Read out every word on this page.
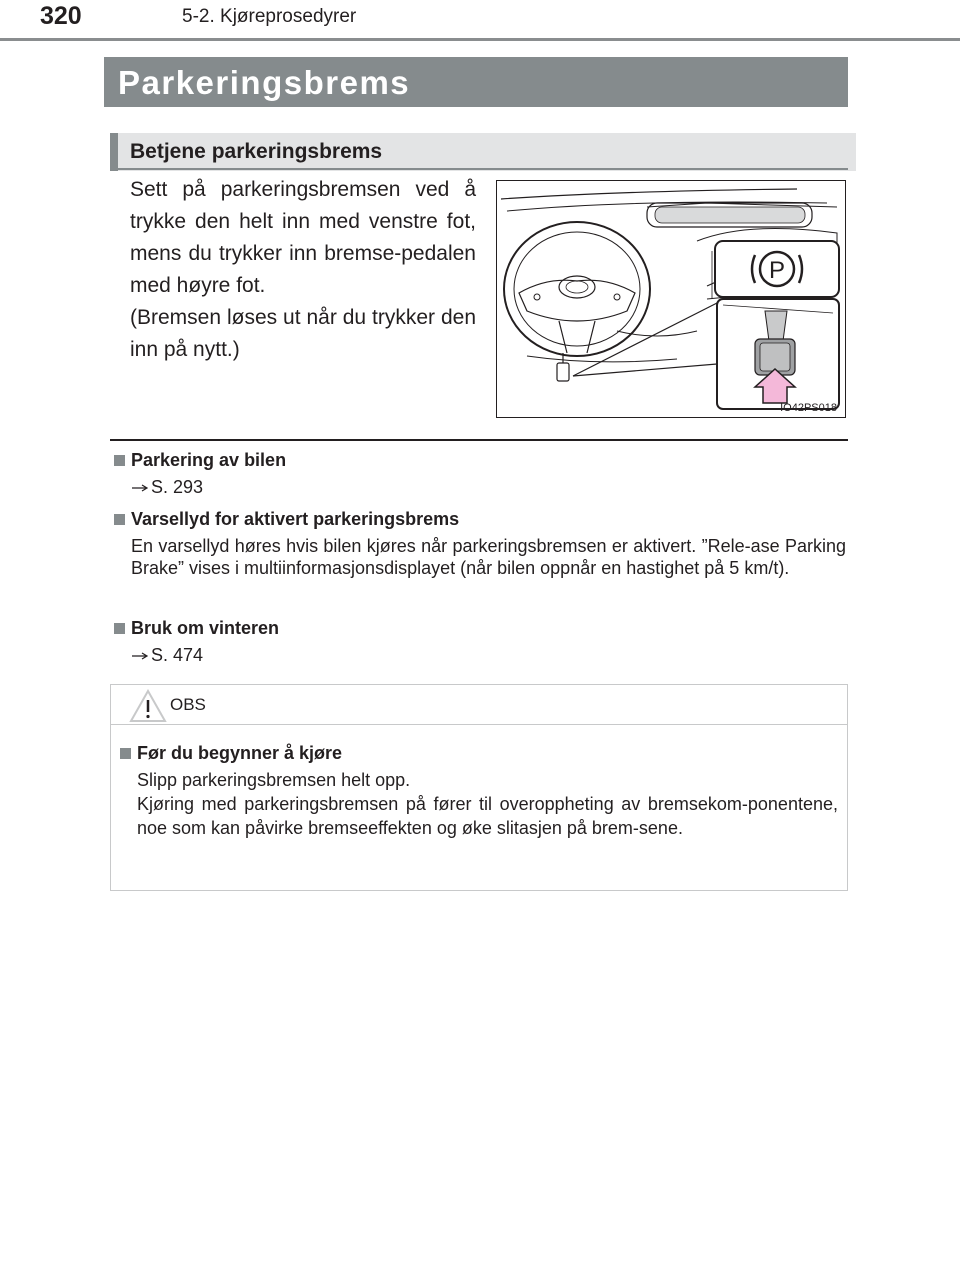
320	5-2. Kjøreprosedyrer
Parkeringsbrems
Betjene parkeringsbrems

Sett på parkeringsbremsen ved å trykke den helt inn med venstre fot, mens du trykker inn bremse-pedalen med høyre fot.

(Bremsen løses ut når du trykker den inn på nytt.)

P
IO42PS018
Parkering av bilen
S. 293
Varsellyd for aktivert parkeringsbrems
En varsellyd høres hvis bilen kjøres når parkeringsbremsen er aktivert. ”Rele-ase Parking Brake” vises i multiinformasjonsdisplayet (når bilen oppnår en hastighet på 5 km/t).
Bruk om vinteren
S. 474
OBS
Før du begynner å kjøre

Slipp parkeringsbremsen helt opp.

Kjøring med parkeringsbremsen på fører til overoppheting av bremsekom-ponentene, noe som kan påvirke bremseeffekten og øke slitasjen på brem-sene.
